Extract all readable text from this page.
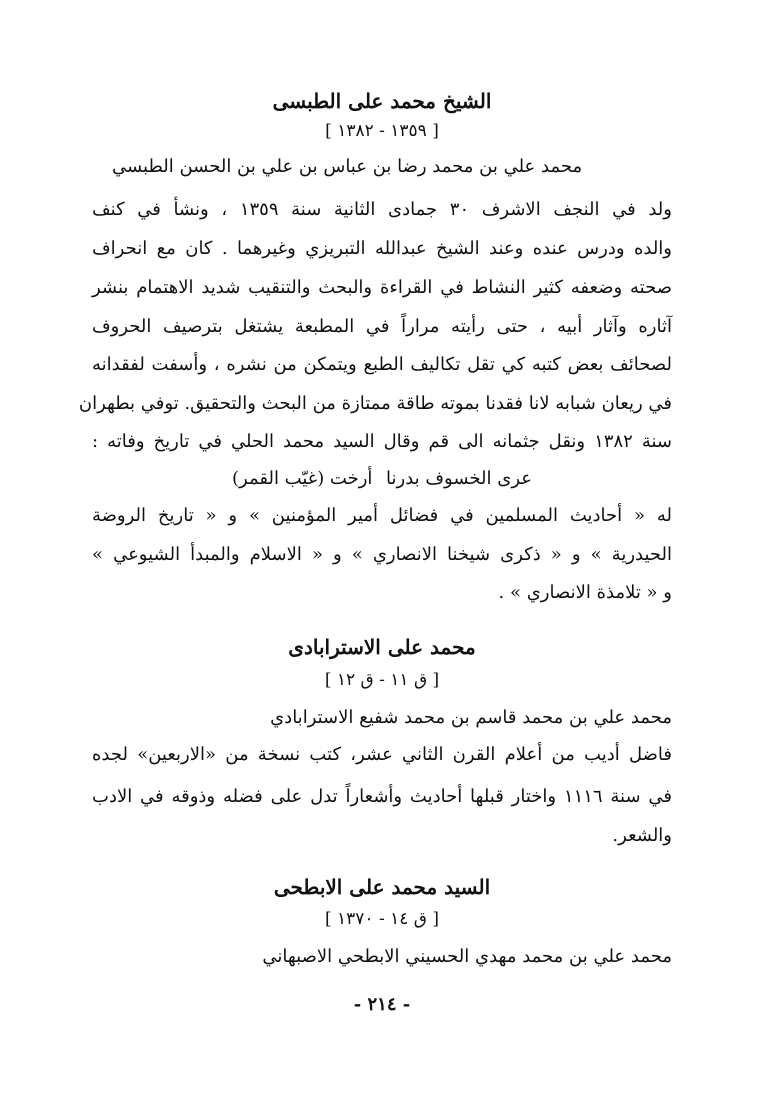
الشيخ محمد على الطبسى
[ ١٣٥٩ - ١٣٨٢ ]
محمد علي بن محمد رضا بن عباس بن علي بن الحسن الطبسي
ولد في النجف الاشرف ٣٠ جمادى الثانية سنة ١٣٥٩ ، ونشأ في كنف
والده ودرس عنده وعند الشيخ عبدالله التبريزي وغيرهما . كان مع انحراف
صحته وضعفه كثير النشاط في القراءة والبحث والتنقيب شديد الاهتمام بنشر
آثاره وآثار أبيه ، حتى رأيته مراراً في المطبعة يشتغل بترصيف الحروف
لصحائف بعض كتبه كي تقل تكاليف الطبع ويتمكن من نشره ، وأسفت لفقدانه
في ريعان شبابه لانا فقدنا بموته طاقة ممتازة من البحث والتحقيق. توفي بطهران
سنة ١٣٨٢ ونقل جثمانه الى قم وقال السيد محمد الحلي في تاريخ وفاته :
عرى الخسوف بدرنا
أرخت (غيّب القمر)
له « أحاديث المسلمين في فضائل أمير المؤمنين » و « تاريخ الروضة
الحيدرية » و « ذكرى شيخنا الانصاري » و « الاسلام والمبدأ الشيوعي »
و « تلامذة الانصاري » .
محمد على الاسترابادى
[ ق ١١ - ق ١٢ ]
محمد علي بن محمد قاسم بن محمد شفيع الاسترابادي
فاضل أديب من أعلام القرن الثاني عشر، كتب نسخة من «الاربعين» لجده
في سنة ١١١٦ واختار قبلها أحاديث وأشعاراً تدل على فضله وذوقه في الادب
والشعر.
السيد محمد على الابطحى
[ ق ١٤ - ١٣٧٠ ]
محمد علي بن محمد مهدي الحسيني الابطحي الاصبهاني
- ٢١٤ -
